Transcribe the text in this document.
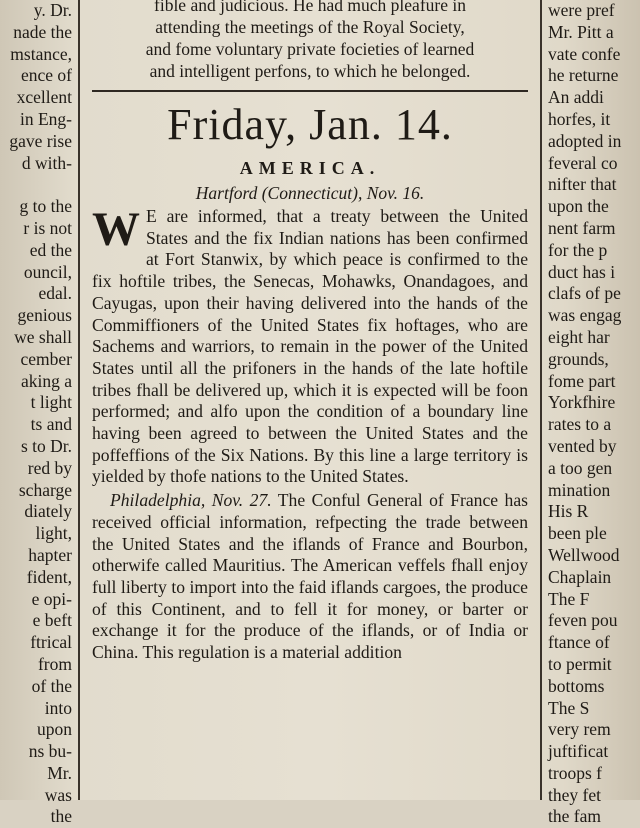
y. Dr.
nade the
mstance,
ence of
xcellent
in Eng-
gave rise
d with-

g to the
r is not
ed the
ouncil,
edal.
genious
we shall
cember
aking a
t light
ts and
s to Dr.
red by
scharge
diately
light,
hapter
fident,
e opi-
e beft
ftrical
from
of the
into
upon
ns bu-
Mr.
was
the
fible and judicious. He had much pleafure in
attending the meetings of the Royal Society,
and fome voluntary private focieties of learned
and intelligent perfons, to which he belonged.
Friday, Jan. 14.
AMERICA.
Hartford (Connecticut), Nov. 16.
W E are informed, that a treaty between the United States and the fix Indian nations has been confirmed at Fort Stanwix, by which peace is confirmed to the fix hoftile tribes, the Senecas, Mohawks, Onandagoes, and Cayugas, upon their having delivered into the hands of the Commiffioners of the United States fix hoftages, who are Sachems and warriors, to remain in the power of the United States until all the prifoners in the hands of the late hoftile tribes fhall be delivered up, which it is expected will be foon performed; and alfo upon the condition of a boundary line having been agreed to between the United States and the poffeffions of the Six Nations. By this line a large territory is yielded by thofe nations to the United States.
Philadelphia, Nov. 27. The Conful General of France has received official information, refpecting the trade between the United States and the iflands of France and Bourbon, otherwife called Mauritius. The American veffels fhall enjoy full liberty to import into the faid iflands cargoes, the produce of this Continent, and to fell it for money, or barter or exchange it for the produce of the iflands, or of India or China. This regulation is a material addition
were pref
Mr. Pitt a
vate confe
he returne
An addi
horfes, it
adopted in
feveral co
nifter that
upon the
nent farm
for the p
duct has i
clafs of pe
was engag
eight har
grounds,
fome part
Yorkfhire
rates to a
vented by
a too gen
mination
His R
been ple
Wellwood
Chaplain
The F
feven pou
ftance of
to permit
bottoms
The S
very rem
juftificat
troops f
they fet
the fam
